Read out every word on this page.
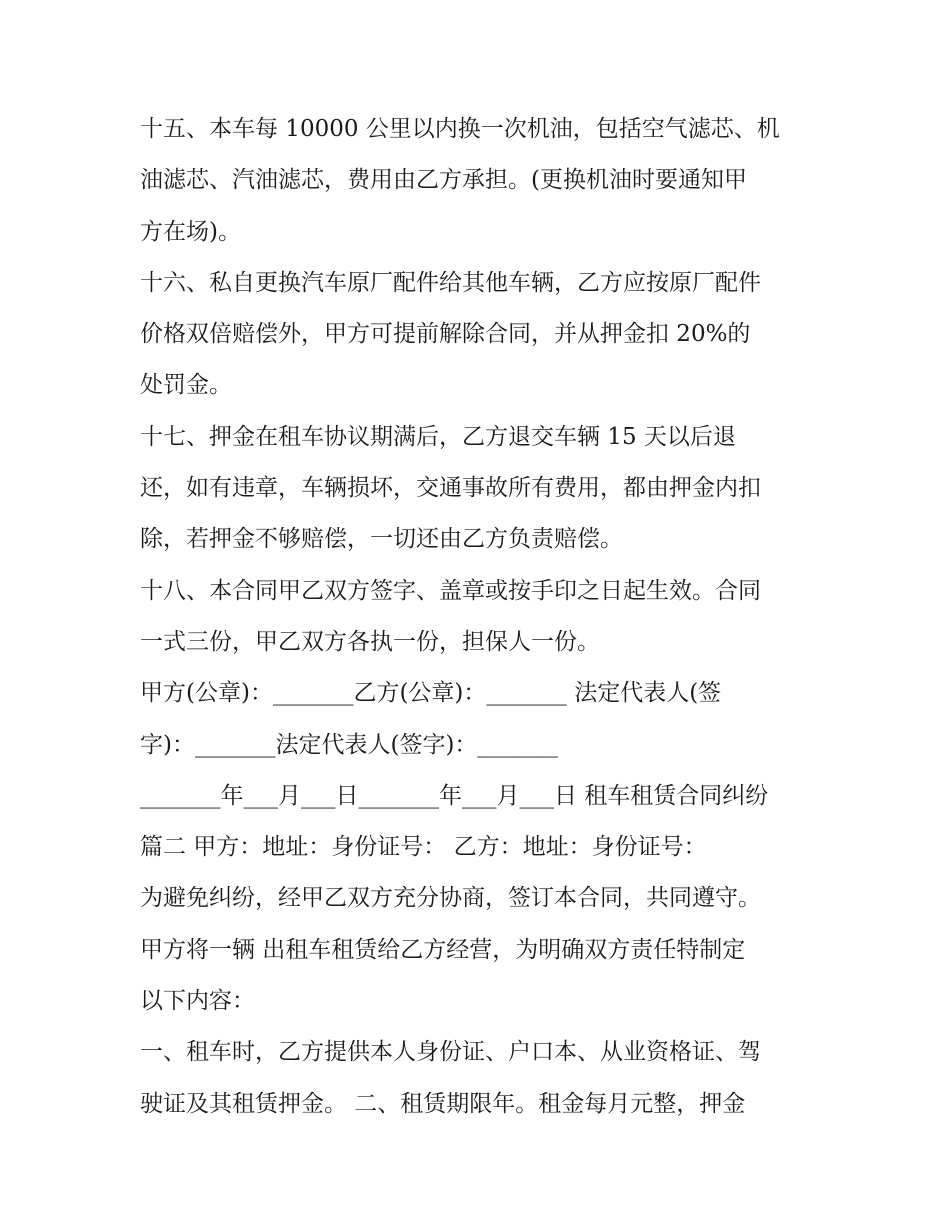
十五、本车每 10000 公里以内换一次机油，包括空气滤芯、机
油滤芯、汽油滤芯，费用由乙方承担。(更换机油时要通知甲
方在场)。
十六、私自更换汽车原厂配件给其他车辆，乙方应按原厂配件
价格双倍赔偿外，甲方可提前解除合同，并从押金扣 20%的
处罚金。
十七、押金在租车协议期满后，乙方退交车辆 15 天以后退
还，如有违章，车辆损坏，交通事故所有费用，都由押金内扣
除，若押金不够赔偿，一切还由乙方负责赔偿。
十八、本合同甲乙双方签字、盖章或按手印之日起生效。合同
一式三份，甲乙双方各执一份，担保人一份。
甲方(公章)：_______乙方(公章)：_______ 法定代表人(签
字)：_______法定代表人(签字)：_______
_______年___月___日_______年___月___日 租车租赁合同纠纷
篇二 甲方：地址：身份证号： 乙方：地址：身份证号：
为避免纠纷，经甲乙双方充分协商，签订本合同，共同遵守。
甲方将一辆 出租车租赁给乙方经营，为明确双方责任特制定
以下内容：
一、租车时，乙方提供本人身份证、户口本、从业资格证、驾
驶证及其租赁押金。 二、租赁期限年。租金每月元整，押金
